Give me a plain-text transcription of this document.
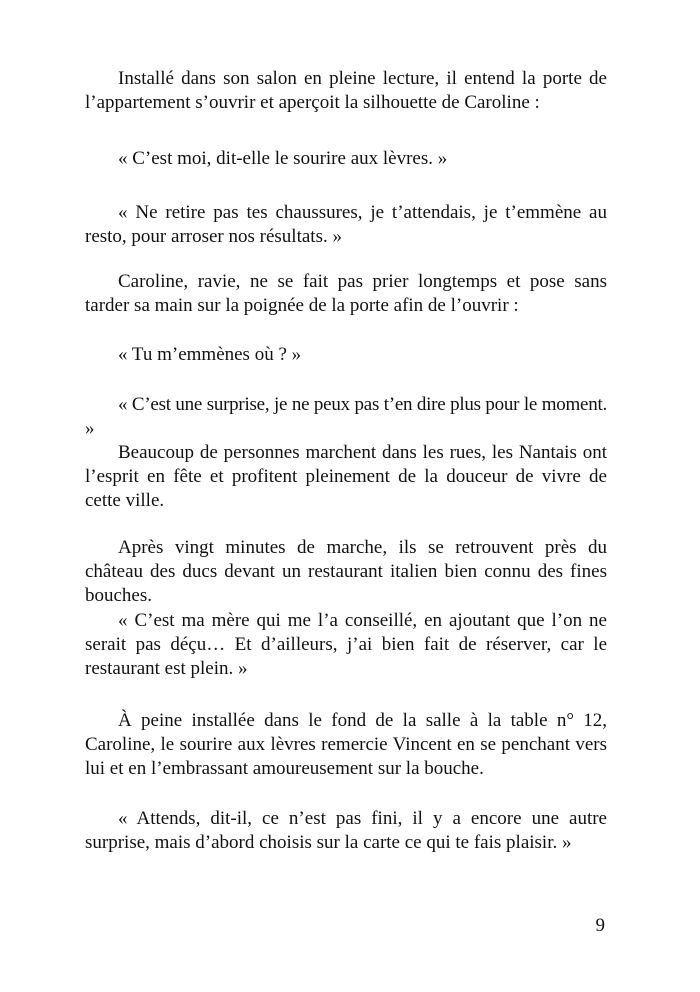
Installé dans son salon en pleine lecture, il entend la porte de l’appartement s’ouvrir et aperçoit la silhouette de Caroline :

« C’est moi, dit-elle le sourire aux lèvres. »

« Ne retire pas tes chaussures, je t’attendais, je t’emmène au resto, pour arroser nos résultats. »

Caroline, ravie, ne se fait pas prier longtemps et pose sans tarder sa main sur la poignée de la porte afin de l’ouvrir :

« Tu m’emmènes où ? »

« C’est une surprise, je ne peux pas t’en dire plus pour le moment. »

Beaucoup de personnes marchent dans les rues, les Nantais ont l’esprit en fête et profitent pleinement de la douceur de vivre de cette ville.

Après vingt minutes de marche, ils se retrouvent près du château des ducs devant un restaurant italien bien connu des fines bouches.

« C’est ma mère qui me l’a conseillé, en ajoutant que l’on ne serait pas déçu… Et d’ailleurs, j’ai bien fait de réserver, car le restaurant est plein. »

À peine installée dans le fond de la salle à la table n° 12, Caroline, le sourire aux lèvres remercie Vincent en se penchant vers lui et en l’embrassant amoureusement sur la bouche.

« Attends, dit-il, ce n’est pas fini, il y a encore une autre surprise, mais d’abord choisis sur la carte ce qui te fais plaisir. »

9
